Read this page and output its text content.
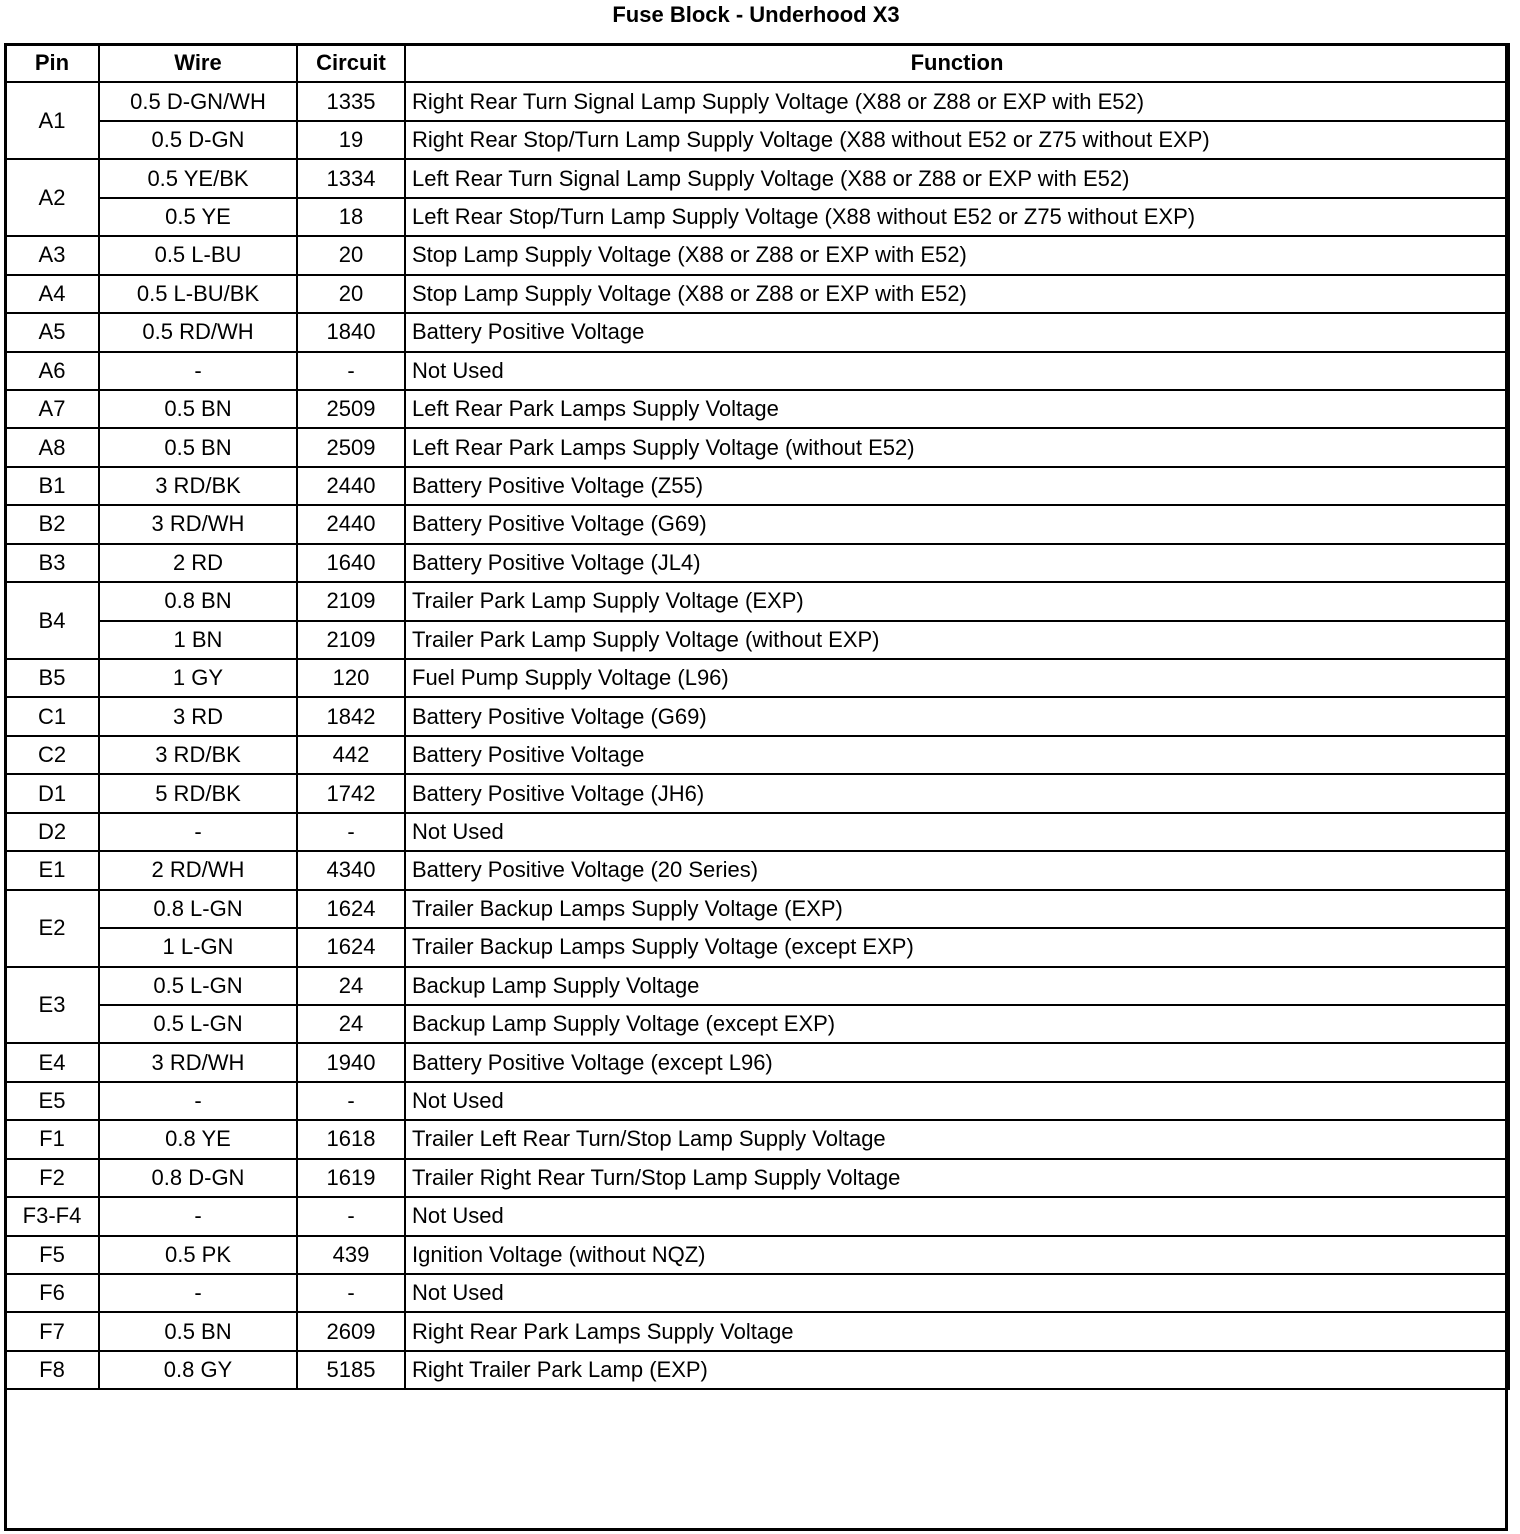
Fuse Block - Underhood X3
Pin	Wire	Circuit	Function
A1	0.5 D-GN/WH	1335	Right Rear Turn Signal Lamp Supply Voltage (X88 or Z88 or EXP with E52)
	0.5 D-GN	19	Right Rear Stop/Turn Lamp Supply Voltage (X88 without E52 or Z75 without EXP)
A2	0.5 YE/BK	1334	Left Rear Turn Signal Lamp Supply Voltage (X88 or Z88 or EXP with E52)
	0.5 YE	18	Left Rear Stop/Turn Lamp Supply Voltage (X88 without E52 or Z75 without EXP)
A3	0.5 L-BU	20	Stop Lamp Supply Voltage (X88 or Z88 or EXP with E52)
A4	0.5 L-BU/BK	20	Stop Lamp Supply Voltage (X88 or Z88 or EXP with E52)
A5	0.5 RD/WH	1840	Battery Positive Voltage
A6	-	-	Not Used
A7	0.5 BN	2509	Left Rear Park Lamps Supply Voltage
A8	0.5 BN	2509	Left Rear Park Lamps Supply Voltage (without E52)
B1	3 RD/BK	2440	Battery Positive Voltage (Z55)
B2	3 RD/WH	2440	Battery Positive Voltage (G69)
B3	2 RD	1640	Battery Positive Voltage (JL4)
B4	0.8 BN	2109	Trailer Park Lamp Supply Voltage (EXP)
	1 BN	2109	Trailer Park Lamp Supply Voltage (without EXP)
B5	1 GY	120	Fuel Pump Supply Voltage (L96)
C1	3 RD	1842	Battery Positive Voltage (G69)
C2	3 RD/BK	442	Battery Positive Voltage
D1	5 RD/BK	1742	Battery Positive Voltage (JH6)
D2	-	-	Not Used
E1	2 RD/WH	4340	Battery Positive Voltage (20 Series)
E2	0.8 L-GN	1624	Trailer Backup Lamps Supply Voltage (EXP)
	1 L-GN	1624	Trailer Backup Lamps Supply Voltage (except EXP)
E3	0.5 L-GN	24	Backup Lamp Supply Voltage
	0.5 L-GN	24	Backup Lamp Supply Voltage (except EXP)
E4	3 RD/WH	1940	Battery Positive Voltage (except L96)
E5	-	-	Not Used
F1	0.8 YE	1618	Trailer Left Rear Turn/Stop Lamp Supply Voltage
F2	0.8 D-GN	1619	Trailer Right Rear Turn/Stop Lamp Supply Voltage
F3-F4	-	-	Not Used
F5	0.5 PK	439	Ignition Voltage (without NQZ)
F6	-	-	Not Used
F7	0.5 BN	2609	Right Rear Park Lamps Supply Voltage
F8	0.8 GY	5185	Right Trailer Park Lamp (EXP)
